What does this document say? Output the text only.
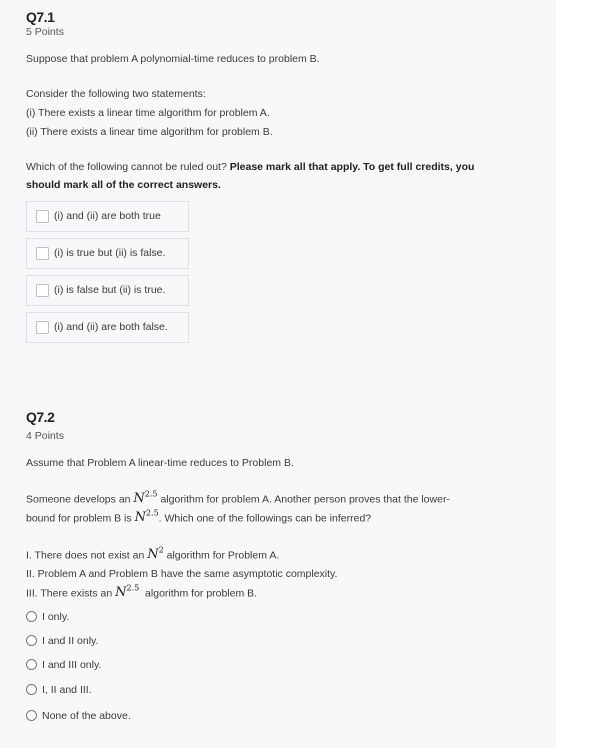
Q7.1
5 Points
Suppose that problem A polynomial-time reduces to problem B.
Consider the following two statements:
(i) There exists a linear time algorithm for problem A.
(ii) There exists a linear time algorithm for problem B.
Which of the following cannot be ruled out? Please mark all that apply. To get full credits, you
should mark all of the correct answers.
(i) and (ii) are both true
(i) is true but (ii) is false.
(i) is false but (ii) is true.
(i) and (ii) are both false.
Q7.2
4 Points
Assume that Problem A linear-time reduces to Problem B.
Someone develops an $N^{2.5}$ algorithm for problem A. Another person proves that the lower-
bound for problem B is $N^{2.5}$. Which one of the followings can be inferred?
I. There does not exist an $N^2$ algorithm for Problem A.
II. Problem A and Problem B have the same asymptotic complexity.
III. There exists an $N^{2.5}$  algorithm for problem B.
I only.
I and II only.
I and III only.
I, II and III.
None of the above.
